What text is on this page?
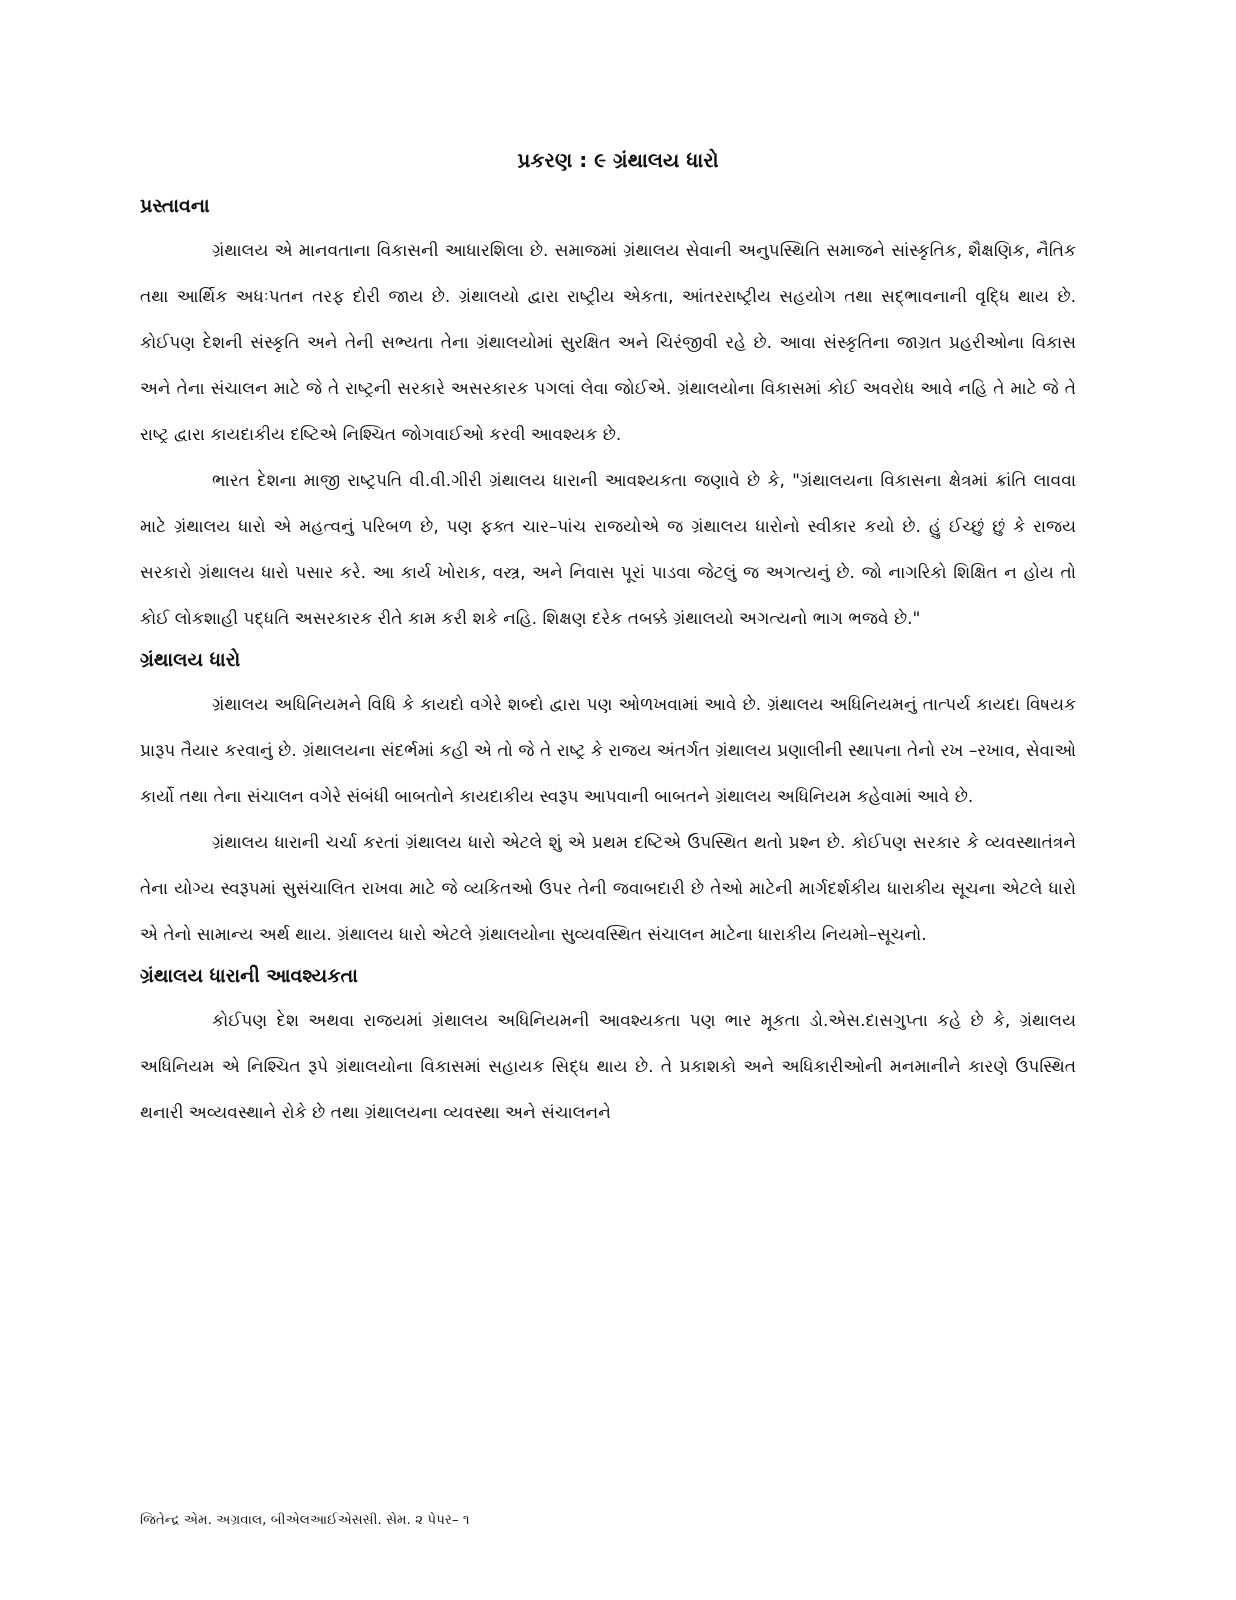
પ્રકરણ : ૯ ગ્રંથાલય ધારો
પ્રસ્તાવના

ગ્રંથાલય એ માનવતાના વિકાસની આધારશિલા છે. સમાજમાં ગ્રંથાલય સેવાની અનુપસ્થિતિ સમાજને સાંસ્કૃતિક, શૈક્ષણિક, નૈતિક તથા આર્થિક અધઃપતન તરફ દોરી જાય છે. ગ્રંથાલયો દ્વારા રાષ્ટ્રીય એકતા, આંતરરાષ્ટ્રીય સહયોગ તથા સદ્ભાવનાની વૃદ્ધિ થાય છે. કોઈપણ દેશની સંસ્કૃતિ અને તેની સભ્યતા તેના ગ્રંથાલયોમાં સુરક્ષિત અને ચિરંજીવી રહે છે. આવા સંસ્કૃતિના જાગ્રત પ્રહરીઓના વિકાસ અને તેના સંચાલન માટે જે તે રાષ્ટ્રની સરકારે અસરકારક પગલાં લેવા જોઈએ. ગ્રંથાલયોના વિકાસમાં કોઈ અવરોધ આવે નહિ તે માટે જે તે રાષ્ટ્ર દ્વારા કાયદાકીય દષ્ટિએ નિશ્ચિત જોગવાઈઓ કરવી આવશ્યક છે.

ભારત દેશના માજી રાષ્ટ્રપતિ વી.વી.ગીરી ગ્રંથાલય ધારાની આવશ્યકતા જણાવે છે કે, "ગ્રંથાલયના વિકાસના ક્ષેત્રમાં ક્રાંતિ લાવવા માટે ગ્રંથાલય ધારો એ મહત્વનું પરિબળ છે, પણ ફક્ત ચાર–પાંચ રાજયોએ જ ગ્રંથાલય ધારોનો સ્વીકાર કયો છે. હું ઈચ્છું છું કે રાજય સરકારો ગ્રંથાલય ધારો પસાર કરે. આ કાર્ય ખોરાક, વસ્ત્ર, અને નિવાસ પૂરાં પાડવા જેટલું જ અગત્યનું છે. જો નાગરિકો શિક્ષિત ન હોય તો કોઈ લોકશાહી પદ્ધતિ અસરકારક રીતે કામ કરી શકે નહિ. શિક્ષણ દરેક તબક્કે ગ્રંથાલયો અગત્યનો ભાગ ભજવે છે."

ગ્રંથાલય ધારો

ગ્રંથાલય અધિનિયમને વિધિ કે કાયદો વગેરે શબ્દો દ્વારા પણ ઓળખવામાં આવે છે. ગ્રંથાલય અધિનિયમનું તાત્પર્ય કાયદા વિષયક પ્રારૂપ તૈયાર કરવાનું છે. ગ્રંથાલયના સંદર્ભમાં કહી એ તો જે તે રાષ્ટ્ર કે રાજય અંતર્ગત ગ્રંથાલય પ્રણાલીની સ્થાપના તેનો રખ –રખાવ, સેવાઓ કાર્યો તથા તેના સંચાલન વગેરે સંબંધી બાબતોને કાયદાકીય સ્વરૂપ આપવાની બાબતને ગ્રંથાલય અધિનિયમ કહેવામાં આવે છે.

ગ્રંથાલય ધારાની ચર્ચા કરતાં ગ્રંથાલય ધારો એટલે શું એ પ્રથમ દષ્ટિએ ઉપસ્થિત થતો પ્રશ્ન છે. કોઈપણ સરકાર કે વ્યવસ્થાતંત્રને તેના યોગ્ય સ્વરૂપમાં સુસંચાલિત રાખવા માટે જે વ્યકિતઓ ઉપર તેની જવાબદારી છે તેઓ માટેની માર્ગદર્શકીય ધારાકીય સૂચના એટલે ધારો એ તેનો સામાન્ય અર્થ થાય. ગ્રંથાલય ધારો એટલે ગ્રંથાલયોના સુવ્યવસ્થિત સંચાલન માટેના ધારાકીય નિયમો–સૂચનો.

ગ્રંથાલય ધારાની આવશ્યકતા

કોઈપણ દેશ અથવા રાજયમાં ગ્રંથાલય અધિનિયમની આવશ્યકતા પણ ભાર મૂકતા ડો.એસ.દાસગુપ્તા કહે છે કે, ગ્રંથાલય અધિનિયમ એ નિશ્ચિત રૂપે ગ્રંથાલયોના વિકાસમાં સહાયક સિદ્ધ થાય છે. તે પ્રકાશકો અને અધિકારીઓની મનમાનીને કારણે ઉપસ્થિત થનારી અવ્યવસ્થાને રોકે છે તથા ગ્રંથાલયના વ્યવસ્થા અને સંચાલનને

જિતેન્દ્ર એમ. અગ્રવાલ, બીએલઆઈએસસી. સેમ. ૨ પેપર– ૧
